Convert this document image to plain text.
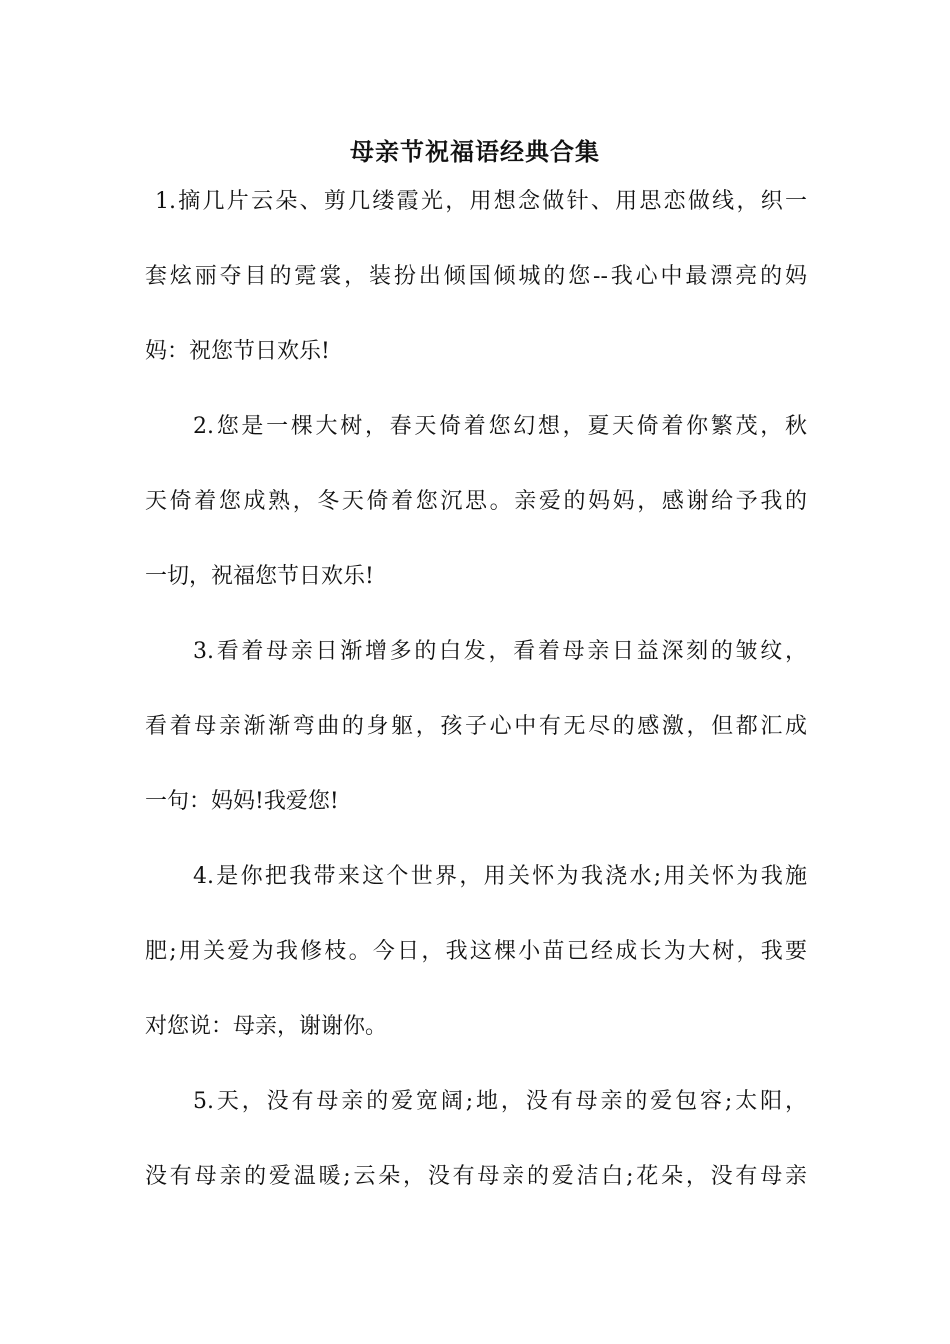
母亲节祝福语经典合集
1.摘几片云朵、剪几缕霞光，用想念做针、用思恋做线，织一
套炫丽夺目的霓裳，装扮出倾国倾城的您--我心中最漂亮的妈
妈：祝您节日欢乐!
2.您是一棵大树，春天倚着您幻想，夏天倚着你繁茂，秋
天倚着您成熟，冬天倚着您沉思。亲爱的妈妈，感谢给予我的
一切，祝福您节日欢乐!
3.看着母亲日渐增多的白发，看着母亲日益深刻的皱纹，
看着母亲渐渐弯曲的身躯，孩子心中有无尽的感激，但都汇成
一句：妈妈!我爱您!
4.是你把我带来这个世界，用关怀为我浇水;用关怀为我施
肥;用关爱为我修枝。今日，我这棵小苗已经成长为大树，我要
对您说：母亲，谢谢你。
5.天，没有母亲的爱宽阔;地，没有母亲的爱包容;太阳，
没有母亲的爱温暖;云朵，没有母亲的爱洁白;花朵，没有母亲
